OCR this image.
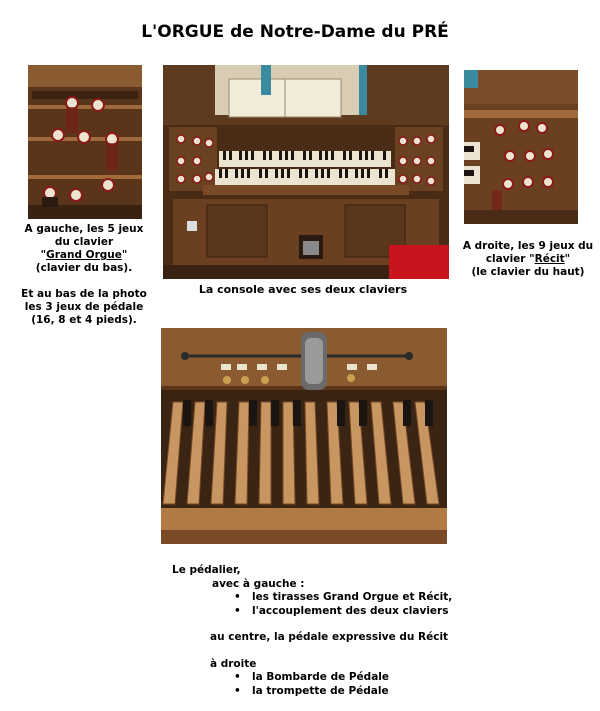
L'ORGUE de Notre-Dame du PRÉ
A gauche, les 5 jeux
du clavier
"Grand Orgue"
(clavier du bas).
Et au bas de la photo
les 3 jeux de pédale
(16, 8 et 4 pieds).
La console avec ses deux claviers
A droite, les 9 jeux du
clavier "Récit"
(le clavier du haut)
Le pédalier,
avec à gauche :
• les tirasses Grand Orgue et Récit,
• l'accouplement des deux claviers
au centre, la pédale expressive du Récit
à droite
• la Bombarde de Pédale
• la trompette de Pédale
